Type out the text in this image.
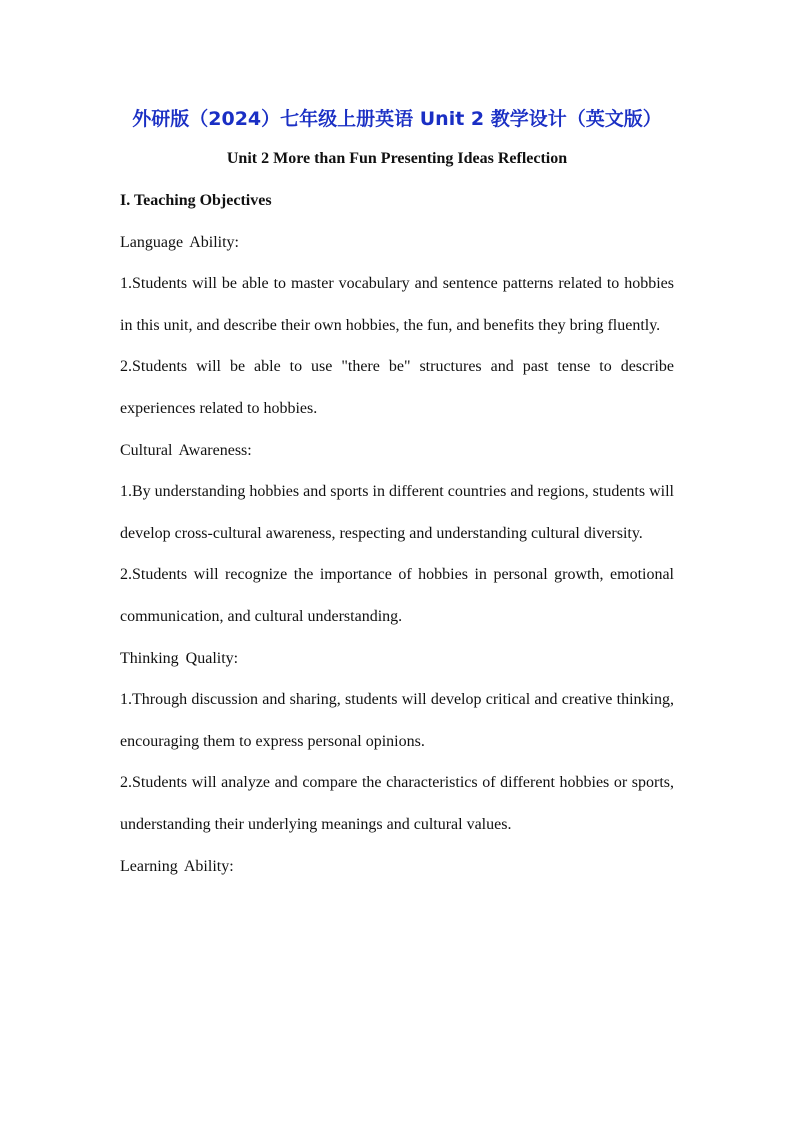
外研版（2024）七年级上册英语 Unit 2 教学设计（英文版）
Unit 2 More than Fun Presenting Ideas Reflection

I. Teaching Objectives

Language Ability:

1.Students will be able to master vocabulary and sentence patterns related to hobbies in this unit, and describe their own hobbies, the fun, and benefits they bring fluently.

2.Students will be able to use "there be" structures and past tense to describe experiences related to hobbies.

Cultural Awareness:

1.By understanding hobbies and sports in different countries and regions, students will develop cross-cultural awareness, respecting and understanding cultural diversity.

2.Students will recognize the importance of hobbies in personal growth, emotional communication, and cultural understanding.

Thinking Quality:

1.Through discussion and sharing, students will develop critical and creative thinking, encouraging them to express personal opinions.

2.Students will analyze and compare the characteristics of different hobbies or sports, understanding their underlying meanings and cultural values.

Learning Ability:
